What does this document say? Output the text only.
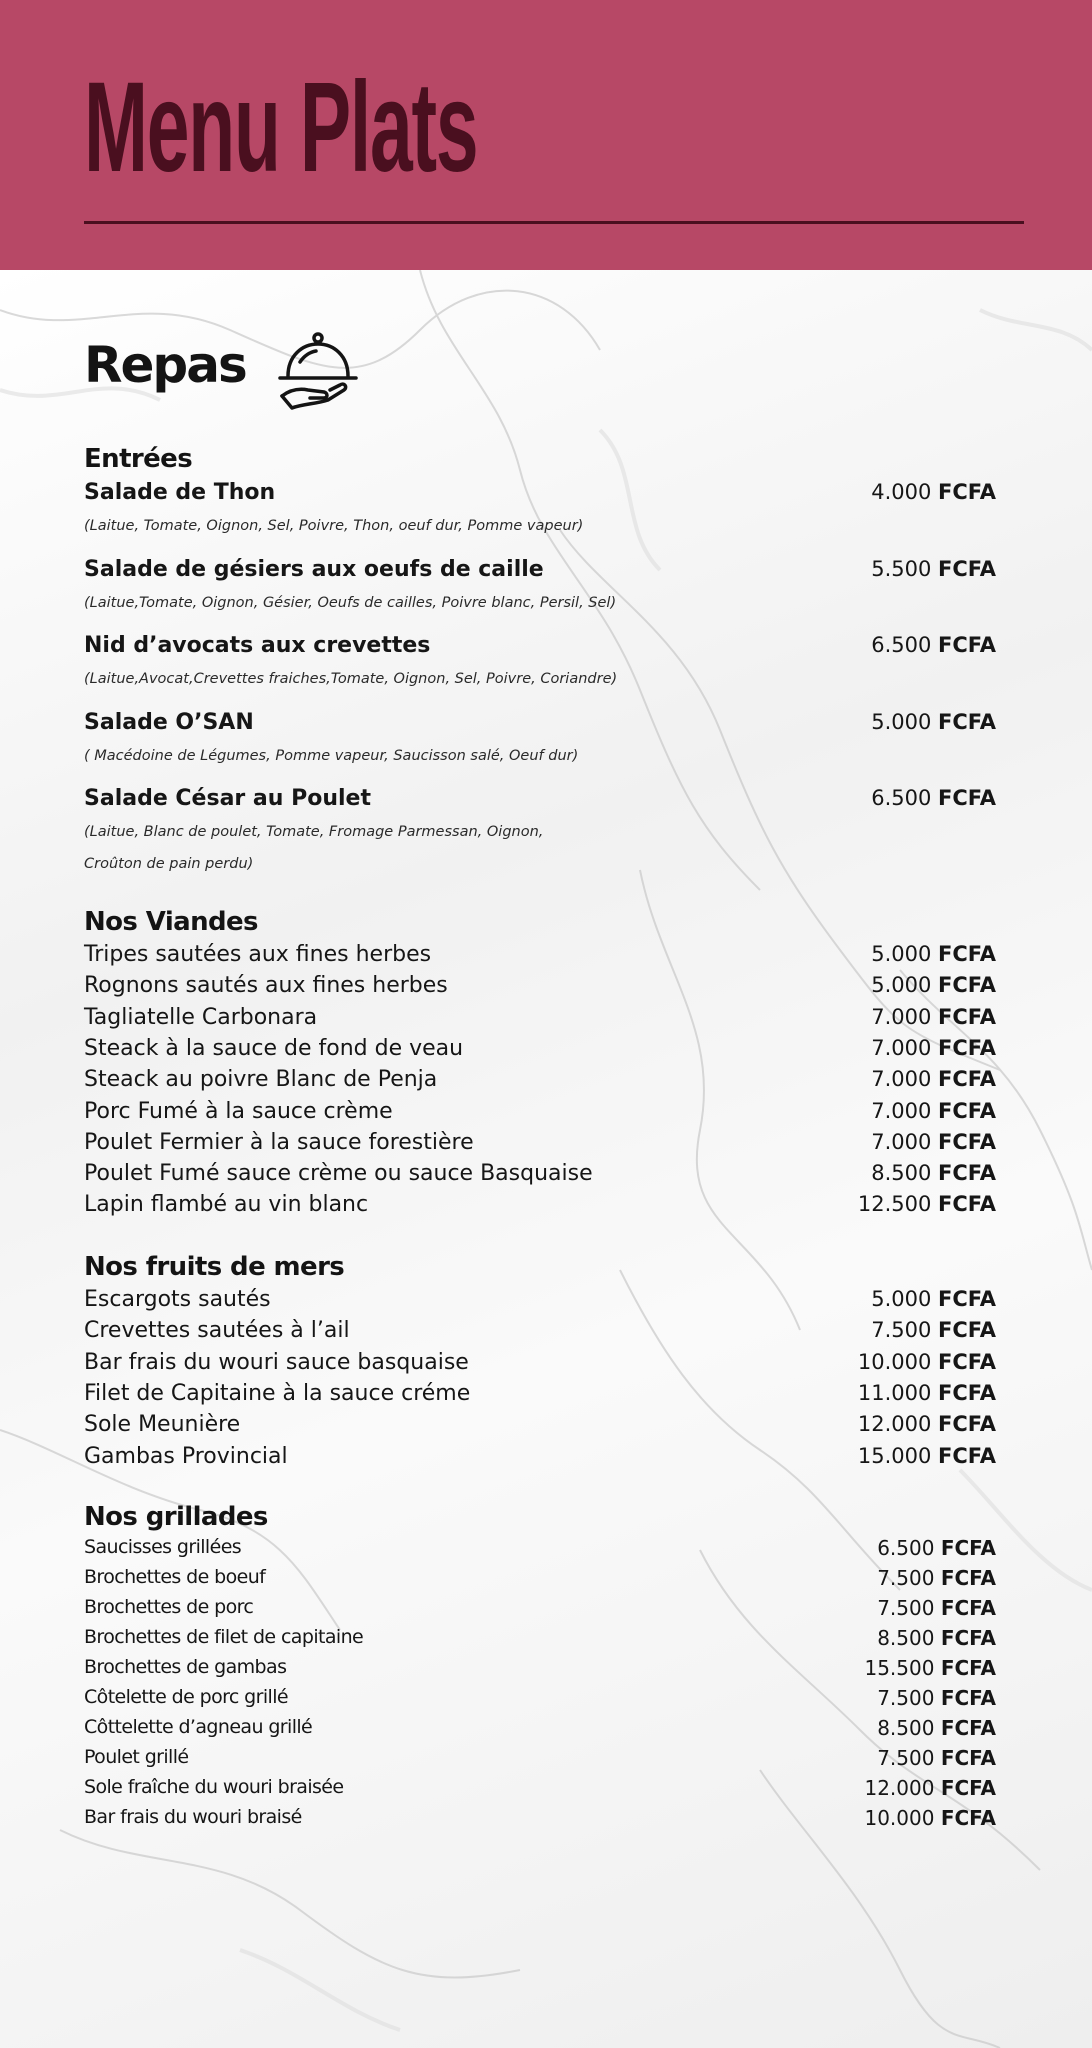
Menu Plats
Repas
Entrées
Salade de Thon	4.000 FCFA
(Laitue, Tomate, Oignon, Sel, Poivre, Thon, oeuf dur, Pomme vapeur)
Salade de gésiers aux oeufs de caille	5.500 FCFA
(Laitue,Tomate, Oignon, Gésier, Oeufs de cailles, Poivre blanc, Persil, Sel)
Nid d’avocats aux crevettes	6.500 FCFA
(Laitue,Avocat,Crevettes fraiches,Tomate, Oignon, Sel, Poivre, Coriandre)
Salade O’SAN	5.000 FCFA
( Macédoine de Légumes, Pomme vapeur, Saucisson salé, Oeuf dur)
Salade César au Poulet	6.500 FCFA
(Laitue, Blanc de poulet, Tomate, Fromage Parmessan, Oignon,
Croûton de pain perdu)
Nos Viandes
Tripes sautées aux fines herbes	5.000 FCFA
Rognons sautés aux fines herbes	5.000 FCFA
Tagliatelle Carbonara	7.000 FCFA
Steack à la sauce de fond de veau	7.000 FCFA
Steack au poivre Blanc de Penja	7.000 FCFA
Porc Fumé à la sauce crème	7.000 FCFA
Poulet Fermier à la sauce forestière	7.000 FCFA
Poulet Fumé sauce crème ou sauce Basquaise	8.500 FCFA
Lapin flambé au vin blanc	12.500 FCFA
Nos fruits de mers
Escargots sautés	5.000 FCFA
Crevettes sautées à l’ail	7.500 FCFA
Bar frais du wouri sauce basquaise	10.000 FCFA
Filet de Capitaine à la sauce créme	11.000 FCFA
Sole Meunière	12.000 FCFA
Gambas Provincial	15.000 FCFA
Nos grillades
Saucisses grillées	6.500 FCFA
Brochettes de boeuf	7.500 FCFA
Brochettes de porc	7.500 FCFA
Brochettes de filet de capitaine	8.500 FCFA
Brochettes de gambas	15.500 FCFA
Côtelette de porc grillé	7.500 FCFA
Côttelette d’agneau grillé	8.500 FCFA
Poulet grillé	7.500 FCFA
Sole fraîche du wouri braisée	12.000 FCFA
Bar frais du wouri braisé	10.000 FCFA
